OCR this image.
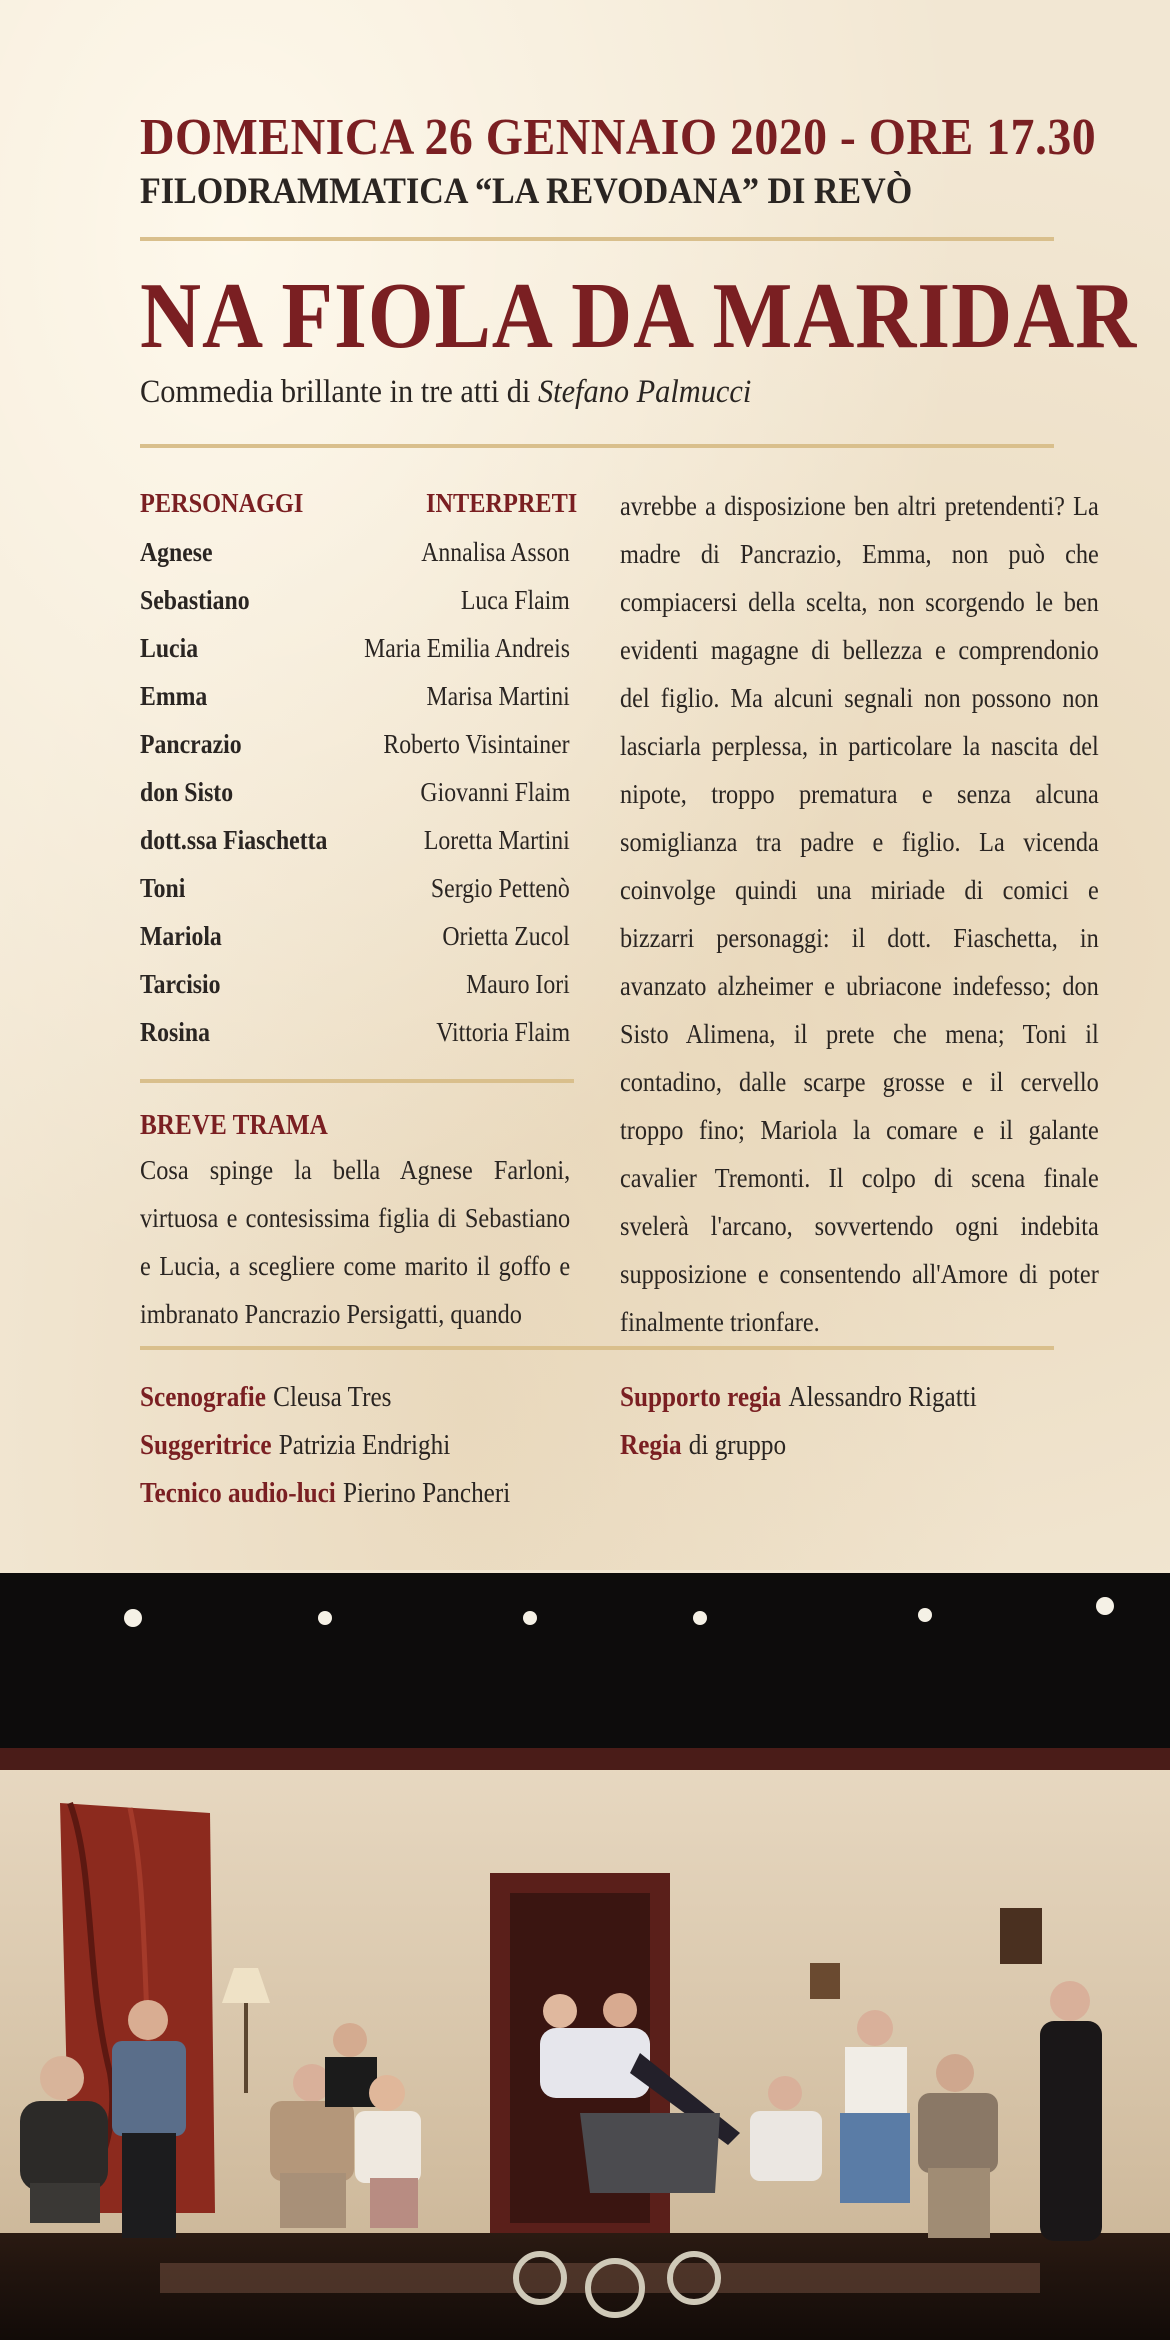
DOMENICA 26 GENNAIO 2020 - ORE 17.30
FILODRAMMATICA “LA REVODANA” DI REVÒ
NA FIOLA DA MARIDAR
Commedia brillante in tre atti di Stefano Palmucci
PERSONAGGI	INTERPRETI
Agnese	Annalisa Asson
Sebastiano	Luca Flaim
Lucia	Maria Emilia Andreis
Emma	Marisa Martini
Pancrazio	Roberto Visintainer
don Sisto	Giovanni Flaim
dott.ssa Fiaschetta	Loretta Martini
Toni	Sergio Pettenò
Mariola	Orietta Zucol
Tarcisio	Mauro Iori
Rosina	Vittoria Flaim
BREVE TRAMA
Cosa spinge la bella Agnese Farloni, virtuosa e contesissima figlia di Sebastiano e Lucia, a scegliere come marito il goffo e imbranato Pancrazio Persigatti, quando
avrebbe a disposizione ben altri pretendenti? La madre di Pancrazio, Emma, non può che compiacersi della scelta, non scorgendo le ben evidenti magagne di bellezza e comprendonio del figlio. Ma alcuni segnali non possono non lasciarla perplessa, in particolare la nascita del nipote, troppo prematura e senza alcuna somiglianza tra padre e figlio. La vicenda coinvolge quindi una miriade di comici e bizzarri personaggi: il dott. Fiaschetta, in avanzato alzheimer e ubriacone indefesso; don Sisto Alimena, il prete che mena; Toni il contadino, dalle scarpe grosse e il cervello troppo fino; Mariola la comare e il galante cavalier Tremonti. Il colpo di scena finale svelerà l'arcano, sovvertendo ogni indebita supposizione e consentendo all'Amore di poter finalmente trionfare.
Scenografie Cleusa Tres
Suggeritrice Patrizia Endrighi
Tecnico audio-luci Pierino Pancheri
Supporto regia Alessandro Rigatti
Regia di gruppo
